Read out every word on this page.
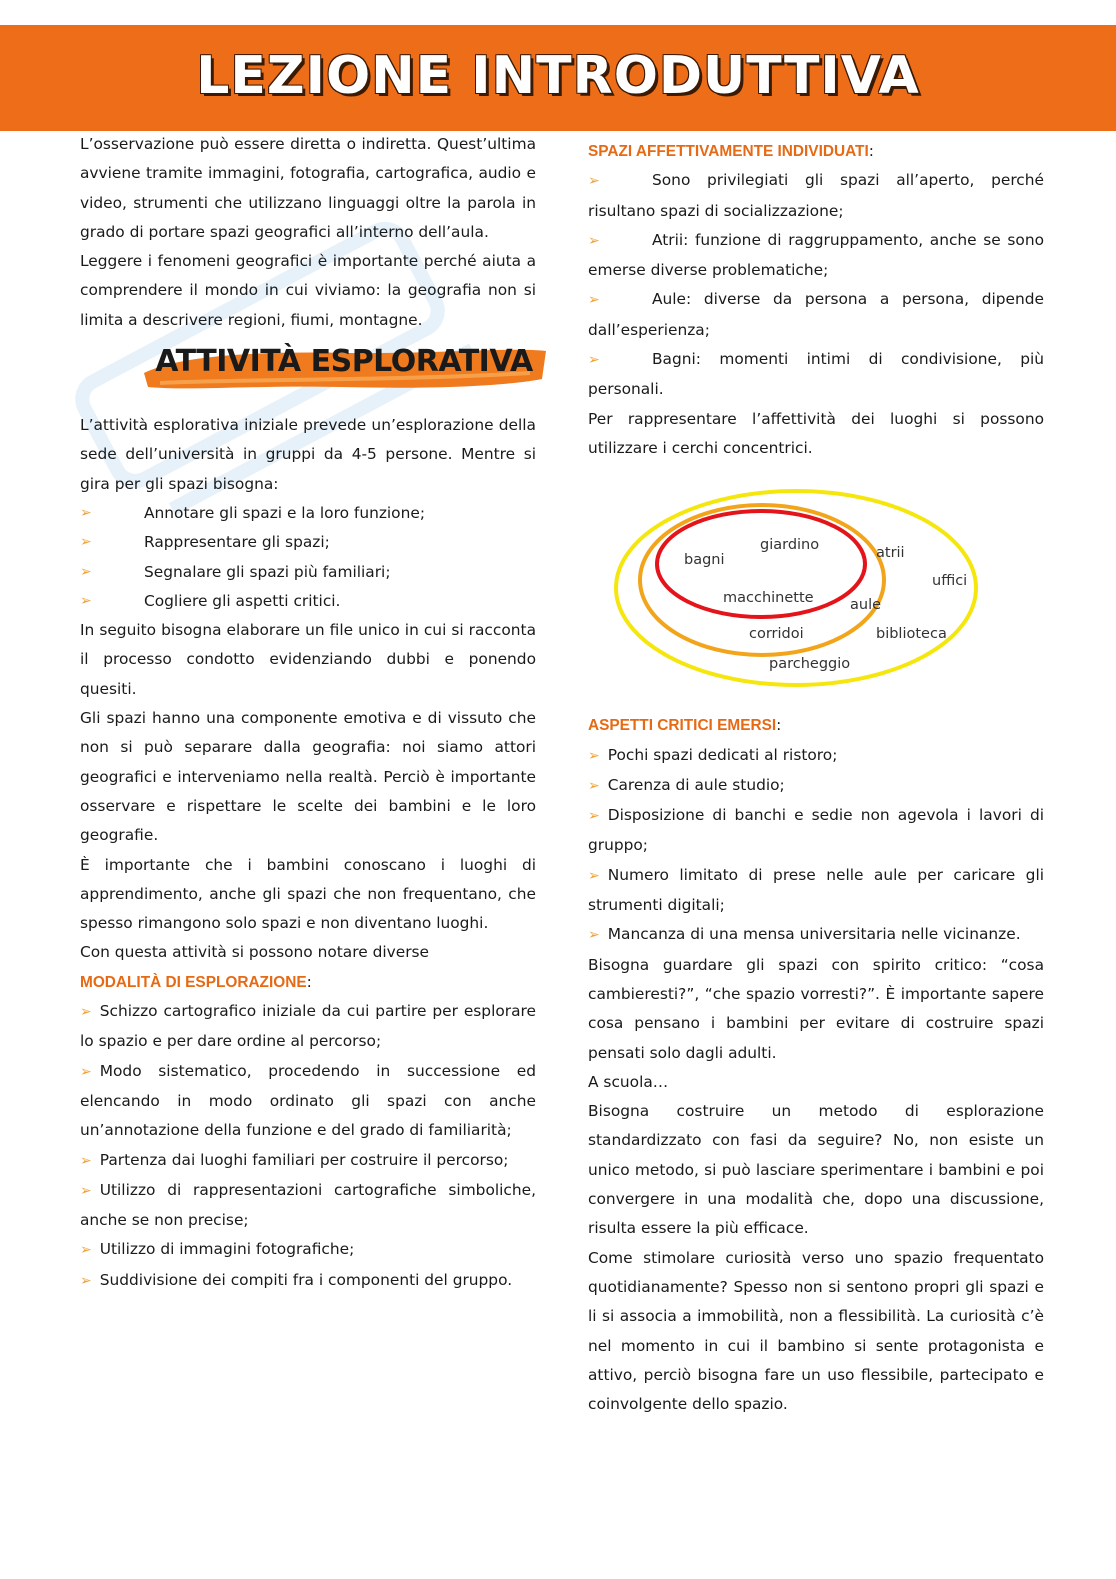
LEZIONE INTRODUTTIVA

L’osservazione può essere diretta o indiretta. Quest’ultima avviene tramite immagini, fotografia, cartografica, audio e video, strumenti che utilizzano linguaggi oltre la parola in grado di portare spazi geografici all’interno dell’aula.

Leggere i fenomeni geografici è importante perché aiuta a comprendere il mondo in cui viviamo: la geografia non si limita a descrivere regioni, fiumi, montagne.

ATTIVITÀ ESPLORATIVA

L’attività esplorativa iniziale prevede un’esplorazione della sede dell’università in gruppi da 4-5 persone. Mentre si gira per gli spazi bisogna:

➢	Annotare gli spazi e la loro funzione;
➢	Rappresentare gli spazi;
➢	Segnalare gli spazi più familiari;
➢	Cogliere gli aspetti critici.

In seguito bisogna elaborare un file unico in cui si racconta il processo condotto evidenziando dubbi e ponendo quesiti.

Gli spazi hanno una componente emotiva e di vissuto che non si può separare dalla geografia: noi siamo attori geografici e interveniamo nella realtà. Perciò è importante osservare e rispettare le scelte dei bambini e le loro geografie.

È importante che i bambini conoscano i luoghi di apprendimento, anche gli spazi che non frequentano, che spesso rimangono solo spazi e non diventano luoghi.

Con questa attività si possono notare diverse

MODALITÀ DI ESPLORAZIONE:

➢ Schizzo cartografico iniziale da cui partire per esplorare lo spazio e per dare ordine al percorso;
➢ Modo sistematico, procedendo in successione ed elencando in modo ordinato gli spazi con anche un’annotazione della funzione e del grado di familiarità;
➢ Partenza dai luoghi familiari per costruire il percorso;
➢ Utilizzo di rappresentazioni cartografiche simboliche, anche se non precise;
➢ Utilizzo di immagini fotografiche;
➢ Suddivisione dei compiti fra i componenti del gruppo.

SPAZI AFFETTIVAMENTE INDIVIDUATI:

➢	Sono privilegiati gli spazi all’aperto, perché risultano spazi di socializzazione;
➢	Atrii: funzione di raggruppamento, anche se sono emerse diverse problematiche;
➢	Aule: diverse da persona a persona, dipende dall’esperienza;
➢	Bagni: momenti intimi di condivisione, più personali.

Per rappresentare l’affettività dei luoghi si possono utilizzare i cerchi concentrici.

bagni
giardino
macchinette
atrii
aule
uffici
corridoi	biblioteca
parcheggio

ASPETTI CRITICI EMERSI:

➢ Pochi spazi dedicati al ristoro;
➢ Carenza di aule studio;
➢ Disposizione di banchi e sedie non agevola i lavori di gruppo;
➢ Numero limitato di prese nelle aule per caricare gli strumenti digitali;
➢ Mancanza di una mensa universitaria nelle vicinanze.

Bisogna guardare gli spazi con spirito critico: “cosa cambieresti?”, “che spazio vorresti?”. È importante sapere cosa pensano i bambini per evitare di costruire spazi pensati solo dagli adulti.

A scuola…

Bisogna costruire un metodo di esplorazione standardizzato con fasi da seguire? No, non esiste un unico metodo, si può lasciare sperimentare i bambini e poi convergere in una modalità che, dopo una discussione, risulta essere la più efficace.

Come stimolare curiosità verso uno spazio frequentato quotidianamente? Spesso non si sentono propri gli spazi e li si associa a immobilità, non a flessibilità. La curiosità c’è nel momento in cui il bambino si sente protagonista e attivo, perciò bisogna fare un uso flessibile, partecipato e coinvolgente dello spazio.
